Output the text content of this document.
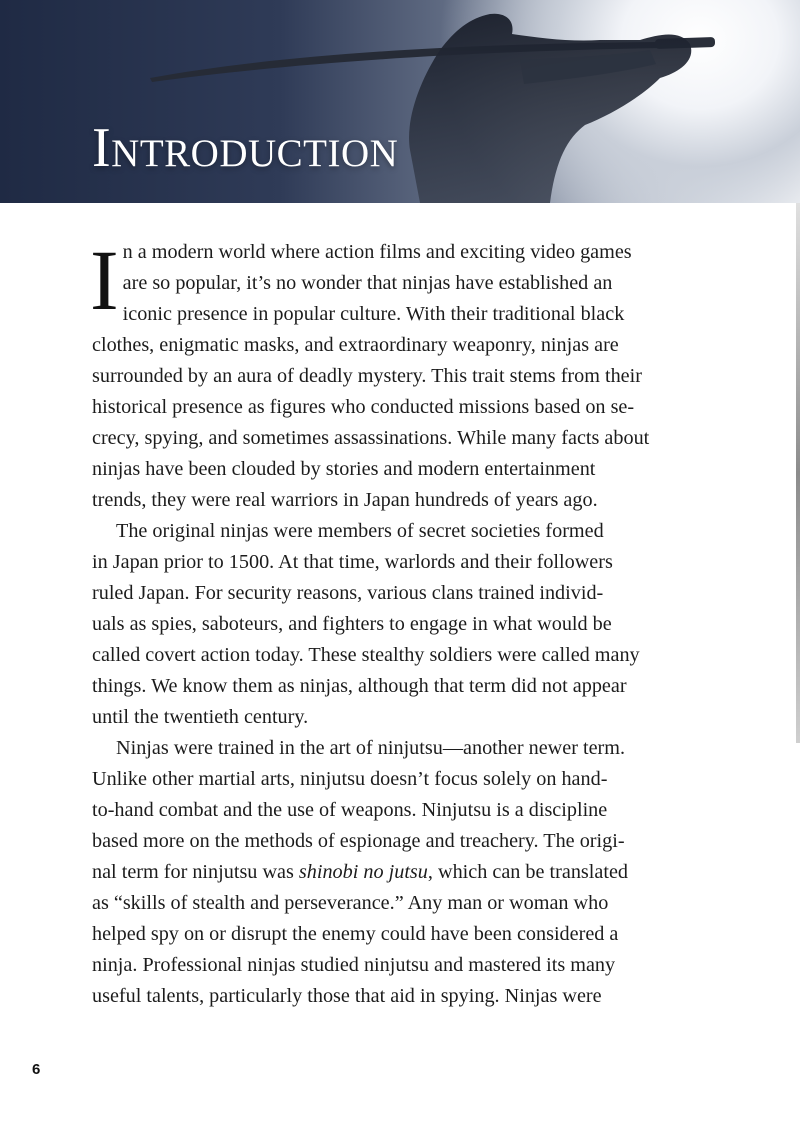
Introduction

I n a modern world where action films and exciting video games
are so popular, it’s no wonder that ninjas have established an
iconic presence in popular culture. With their traditional black
clothes, enigmatic masks, and extraordinary weaponry, ninjas are
surrounded by an aura of deadly mystery. This trait stems from their
historical presence as figures who conducted missions based on se-
crecy, spying, and sometimes assassinations. While many facts about
ninjas have been clouded by stories and modern entertainment
trends, they were real warriors in Japan hundreds of years ago.

The original ninjas were members of secret societies formed
in Japan prior to 1500. At that time, warlords and their followers
ruled Japan. For security reasons, various clans trained individ-
uals as spies, saboteurs, and fighters to engage in what would be
called covert action today. These stealthy soldiers were called many
things. We know them as ninjas, although that term did not appear
until the twentieth century.

Ninjas were trained in the art of ninjutsu—another newer term.
Unlike other martial arts, ninjutsu doesn’t focus solely on hand-
to-hand combat and the use of weapons. Ninjutsu is a discipline
based more on the methods of espionage and treachery. The origi-
nal term for ninjutsu was shinobi no jutsu, which can be translated
as “skills of stealth and perseverance.” Any man or woman who
helped spy on or disrupt the enemy could have been considered a
ninja. Professional ninjas studied ninjutsu and mastered its many
useful talents, particularly those that aid in spying. Ninjas were

6
